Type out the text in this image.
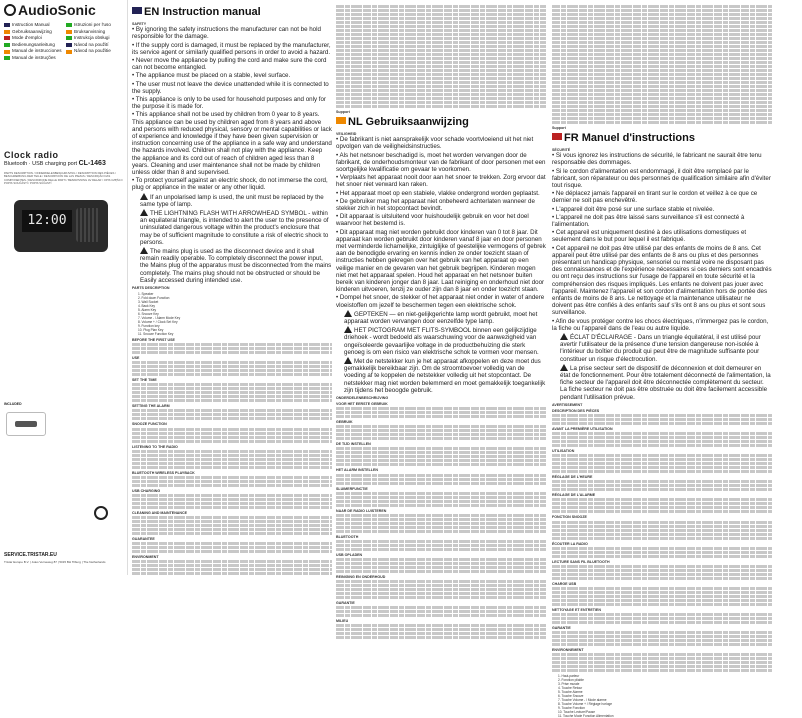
AudioSonic
Instruction Manual	Istruzioni per l'uso
Gebruiksaanwijzing	Bruksanvisning
Mode d'emploi	Instrukcja obsługi
Bedienungsanleitung	Návod na použití
Manual de instrucciones	Návod na použitie
Manual de instruções
Clock radio
Bluetooth · USB charging port CL-1463
PARTS DESCRIPTION / ONDERDELENBESCHRIJVING / DESCRIPTION DES PIÈCES / BESCHREIBUNG DER TEILE / DESCRIPCIÓN DE LAS PIEZAS / DESCRIÇÃO DAS COMPONENTES / DESCRIZIONE DELLE PARTI / BESKRIVNING AV DELAR / OPIS CZĘŚCI / POPIS SOUČÁSTÍ / POPIS SÚČASTÍ
12:00
INCLUDED
SERVICE.TRISTAR.EU
Tristar Europe B.V. | Jules Verneweg 87 | 5015 BH Tilburg | The Netherlands
EN Instruction manual
SAFETY
• By ignoring the safety instructions the manufacturer can not be hold responsible for the damage.
• If the supply cord is damaged, it must be replaced by the manufacturer, its service agent or similarly qualified persons in order to avoid a hazard.
• Never move the appliance by pulling the cord and make sure the cord can not become entangled.
• The appliance must be placed on a stable, level surface.
• The user must not leave the device unattended while it is connected to the supply.
• This appliance is only to be used for household purposes and only for the purpose it is made for.
• This appliance shall not be used by children from 0 year to 8 years. This appliance can be used by children aged from 8 years and above and persons with reduced physical, sensory or mental capabilities or lack of experience and knowledge if they have been given supervision or instruction concerning use of the appliance in a safe way and understand the hazards involved. Children shall not play with the appliance. Keep the appliance and its cord out of reach of children aged less than 8 years. Cleaning and user maintenance shall not be made by children unless older than 8 and supervised.
• To protect yourself against an electric shock, do not immerse the cord, plug or appliance in the water or any other liquid.
If an unpolarised lamp is used, the unit must be replaced by the same type of lamp.
THE LIGHTNING FLASH WITH ARROWHEAD SYMBOL - within an equilateral triangle, is intended to alert the user to the presence of uninsulated dangerous voltage within the product's enclosure that may be of sufficient magnitude to constitute a risk of electric shock to persons.
The mains plug is used as the disconnect device and it shall remain readily operable. To completely disconnect the power input, the Mains plug of the apparatus must be disconnected from the mains completely. The mains plug should not be obstructed or should be Easily accessed during intended use.
PARTS DESCRIPTION
1. Speaker
2. Fold down Function
3. Wall Socket
4. Back Key
5. Alarm Key
6. Snooze Key
7. Volume - / Alarm Mode Key
8. Volume + / Clock Set Key
9. Function key
10. Plug Plan Key
11. Snooze Function Key
BEFORE THE FIRST USE
USE
SET THE TIME
SETTING THE ALARM
SNOOZE FUNCTION
LISTENING TO THE RADIO
BLUETOOTH WIRELESS PLAYBACK
USB CHARGING
CLEANING AND MAINTENANCE
GUARANTEE
ENVIRONMENT
Support
NL Gebruiksaanwijzing
VEILIGHEID
• De fabrikant is niet aansprakelijk voor schade voortvloeiend uit het niet opvolgen van de veiligheidsinstructies.
• Als het netsnoer beschadigd is, moet het worden vervangen door de fabrikant, de onderhoudsmonteur van de fabrikant of door personen met een soortgelijke kwalificatie om gevaar te voorkomen.
• Verplaats het apparaat nooit door aan het snoer te trekken. Zorg ervoor dat het snoer niet verward kan raken.
• Het apparaat moet op een stabiele, vlakke ondergrond worden geplaatst.
• De gebruiker mag het apparaat niet onbeheerd achterlaten wanneer de stekker zich in het stopcontact bevindt.
• Dit apparaat is uitsluitend voor huishoudelijk gebruik en voor het doel waarvoor het bestemd is.
• Dit apparaat mag niet worden gebruikt door kinderen van 0 tot 8 jaar. Dit apparaat kan worden gebruikt door kinderen vanaf 8 jaar en door personen met verminderde lichamelijke, zintuiglijke of geestelijke vermogens of gebrek aan de benodigde ervaring en kennis indien ze onder toezicht staan of instructies hebben gekregen over het gebruik van het apparaat op een veilige manier en de gevaren van het gebruik begrijpen. Kinderen mogen niet met het apparaat spelen. Houd het apparaat en het netsnoer buiten bereik van kinderen jonger dan 8 jaar. Laat reiniging en onderhoud niet door kinderen uitvoeren, tenzij ze ouder zijn dan 8 jaar en onder toezicht staan.
• Dompel het snoer, de stekker of het apparaat niet onder in water of andere vloeistoffen om jezelf te beschermen tegen een elektrische schok.
GEPTEKEN — en niet-gelijkgerichte lamp wordt gebruikt, moet het apparaat worden vervangen door eenzelfde type lamp.
HET PICTOGRAM MET FLITS-SYMBOOL binnen een gelijkzijdige driehoek - wordt bedoeld als waarschuwing voor de aanwezigheid van ongeïsoleerde gevaarlijke voltage in de productbehuizing die sterk genoeg is om een risico van elektrische schok te vormen voor mensen.
Met de netstekker kun je het apparaat afkoppelen en deze moet dus gemakkelijk bereikbaar zijn. Om de stroomtoevoer volledig van de voeding af te koppelen de netstekker volledig uit het stopcontact. De netstekker mag niet worden belemmerd en moet gemakkelijk toegankelijk zijn tijdens het beoogde gebruik.
ONDERDELENBESCHRIJVING
VOOR HET EERSTE GEBRUIK
GEBRUIK
DE TIJD INSTELLEN
HET ALARM INSTELLEN
SLUIMERFUNCTIE
NAAR DE RADIO LUISTEREN
BLUETOOTH
USB OPLADEN
REINIGING EN ONDERHOUD
GARANTIE
MILIEU
Support
FR Manuel d'instructions
SÉCURITÉ
• Si vous ignorez les instructions de sécurité, le fabricant ne saurait être tenu responsable des dommages.
• Si le cordon d'alimentation est endommagé, il doit être remplacé par le fabricant, son réparateur ou des personnes de qualification similaire afin d'éviter tout risque.
• Ne déplacez jamais l'appareil en tirant sur le cordon et veillez à ce que ce dernier ne soit pas enchevêtré.
• L'appareil doit être posé sur une surface stable et nivelée.
• L'appareil ne doit pas être laissé sans surveillance s'il est connecté à l'alimentation.
• Cet appareil est uniquement destiné à des utilisations domestiques et seulement dans le but pour lequel il est fabriqué.
• Cet appareil ne doit pas être utilisé par des enfants de moins de 8 ans. Cet appareil peut être utilisé par des enfants de 8 ans ou plus et des personnes présentant un handicap physique, sensoriel ou mental voire ne disposant pas des connaissances et de l'expérience nécessaires si ces derniers sont encadrés ou ont reçu des instructions sur l'usage de l'appareil en toute sécurité et la compréhension des risques impliqués. Les enfants ne doivent pas jouer avec l'appareil. Maintenez l'appareil et son cordon d'alimentation hors de portée des enfants de moins de 8 ans. Le nettoyage et la maintenance utilisateur ne doivent pas être confiés à des enfants sauf s'ils ont 8 ans ou plus et sont sous surveillance.
• Afin de vous protéger contre les chocs électriques, n'immergez pas le cordon, la fiche ou l'appareil dans de l'eau ou autre liquide.
ÉCLAT D'ÉCLAIRAGE - Dans un triangle équilatéral, il est utilisé pour avertir l'utilisateur de la présence d'une tension dangereuse non-isolée à l'intérieur du boîtier du produit qui peut être de magnitude suffisante pour constituer un risque d'électrocution.
La prise secteur sert de dispositif de déconnexion et doit demeurer en état de fonctionnement. Pour être totalement déconnecté de l'alimentation, la fiche secteur de l'appareil doit être déconnectée complètement du secteur. La fiche secteur ne doit pas être obstruée ou doit être facilement accessible pendant l'utilisation prévue.
AVERTISSEMENT
DESCRIPTION DES PIÈCES
AVANT LA PREMIÈRE UTILISATION
UTILISATION
RÉGLAGE DE L'HEURE
RÉGLAGE DE L'ALARME
FONCTION SNOOZE
ÉCOUTER LA RADIO
LECTURE SANS FIL BLUETOOTH
CHARGE USB
NETTOYAGE ET ENTRETIEN
GARANTIE
ENVIRONNEMENT
1. Haut-parleur
2. Fonction pliable
3. Prise murale
4. Touche Retour
5. Touche Alarme
6. Touche Snooze
7. Touche Volume - / Mode alarme
8. Touche Volume + / Réglage horloge
9. Touche Fonction
10. Touche Lecture/Pause
11. Touche Mode Fonction Alimentation
